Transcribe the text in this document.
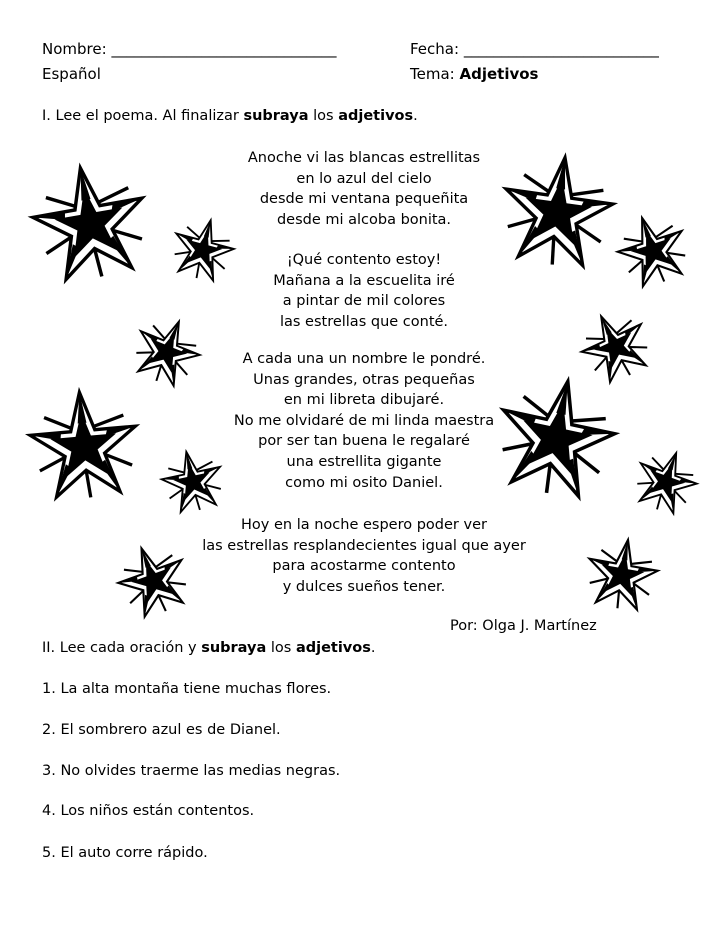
Nombre: ______________________________	Fecha: __________________________
Español	Tema: Adjetivos
I. Lee el poema. Al finalizar subraya los adjetivos.
Anoche vi las blancas estrellitas
en lo azul del cielo
desde mi ventana pequeñita
desde mi alcoba bonita.
¡Qué contento estoy!
Mañana a la escuelita iré
a pintar de mil colores
las estrellas que conté.
A cada una un nombre le pondré.
Unas grandes, otras pequeñas
en mi libreta dibujaré.
No me olvidaré de mi linda maestra
por ser tan buena le regalaré
una estrellita gigante
como mi osito Daniel.
Hoy en la noche espero poder ver
las estrellas resplandecientes igual que ayer
para acostarme contento
y dulces sueños tener.
Por: Olga J. Martínez
II. Lee cada oración y subraya los adjetivos.
1. La alta montaña tiene muchas flores.
2. El sombrero azul es de Dianel.
3. No olvides traerme las medias negras.
4. Los niños están contentos.
5. El auto corre rápido.
